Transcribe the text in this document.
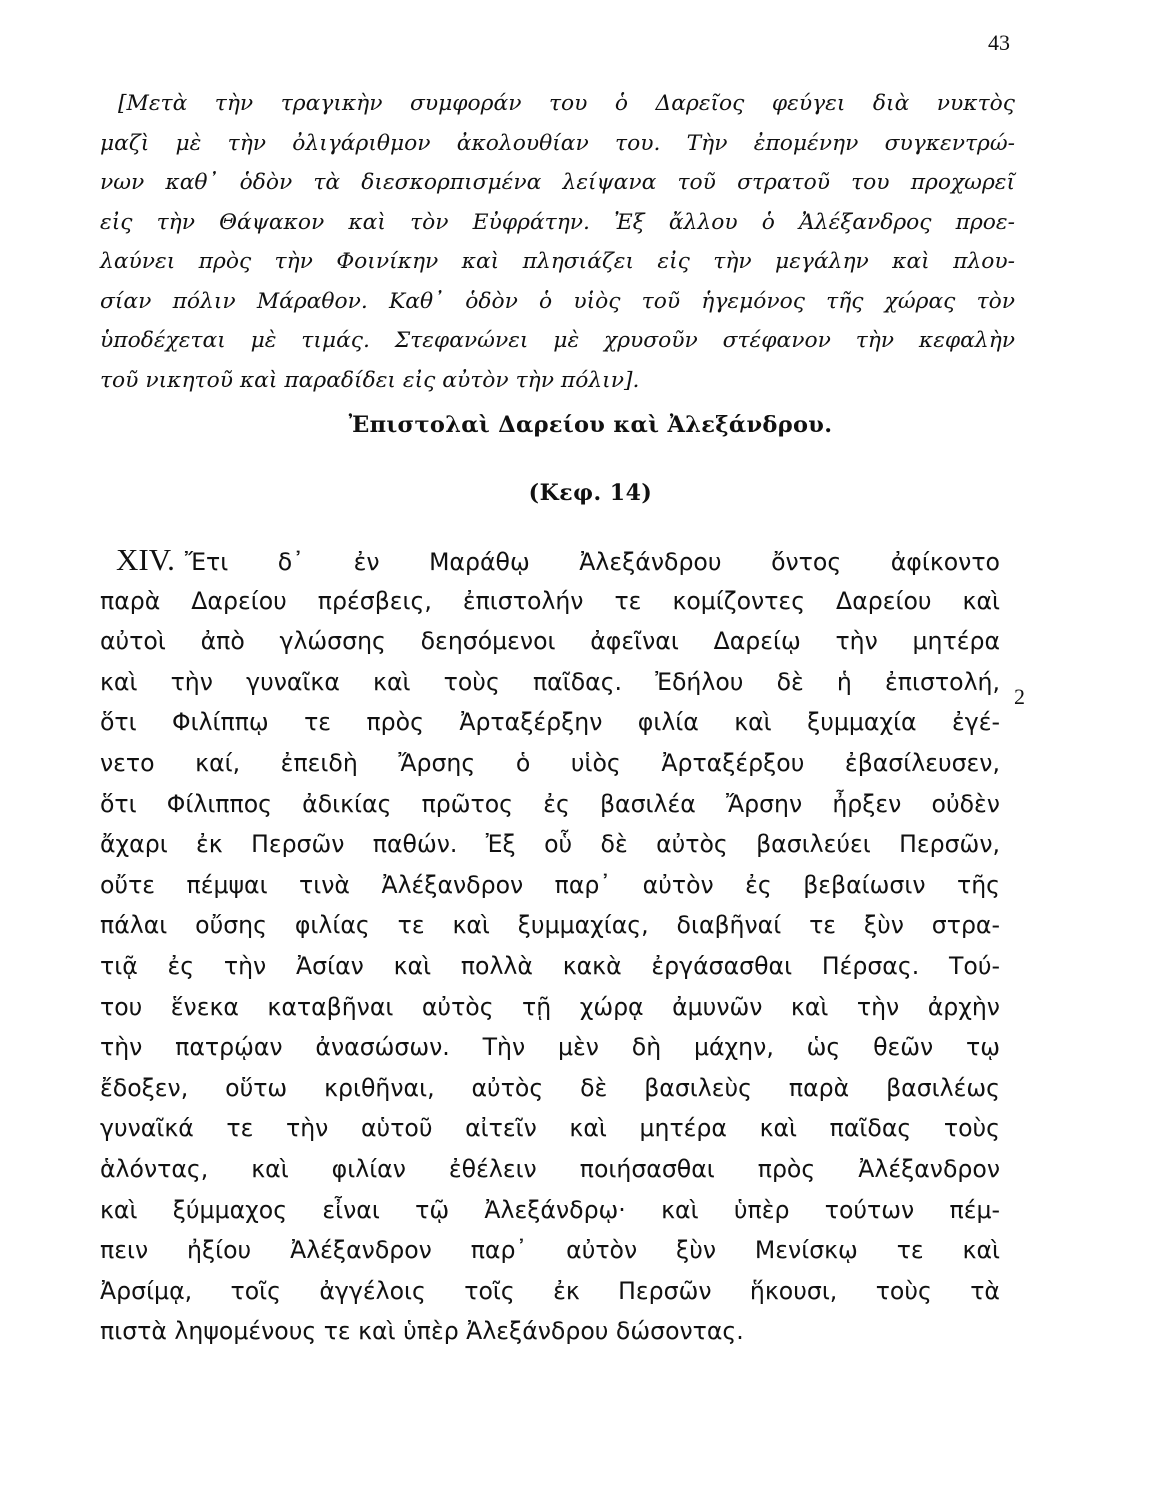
43
[Μετὰ τὴν τραγικὴν συμφοράν του ὁ Δαρεῖος φεύγει διὰ νυκτὸς
μαζὶ μὲ τὴν ὀλιγάριθμον ἀκολουθίαν του. Τὴν ἐπομένην συγκεντρώ-
νων καθ᾽ ὁδὸν τὰ διεσκορπισμένα λείψανα τοῦ στρατοῦ του προχωρεῖ
εἰς τὴν Θάψακον καὶ τὸν Εὐφράτην. Ἐξ ἄλλου ὁ Ἀλέξανδρος προε-
λαύνει πρὸς τὴν Φοινίκην καὶ πλησιάζει εἰς τὴν μεγάλην καὶ πλου-
σίαν πόλιν Μάραθον. Καθ᾽ ὁδὸν ὁ υἱὸς τοῦ ἡγεμόνος τῆς χώρας τὸν
ὑποδέχεται μὲ τιμάς. Στεφανώνει μὲ χρυσοῦν στέφανον τὴν κεφαλὴν
τοῦ νικητοῦ καὶ παραδίδει εἰς αὐτὸν τὴν πόλιν].
Ἐπιστολαὶ Δαρείου καὶ Ἀλεξάνδρου.
(Κεφ. 14)
XIV. Ἔτι δ᾽ ἐν Μαράθῳ Ἀλεξάνδρου ὄντος ἀφίκοντο
παρὰ Δαρείου πρέσβεις, ἐπιστολήν τε κομίζοντες Δαρείου καὶ
αὐτοὶ ἀπὸ γλώσσης δεησόμενοι ἀφεῖναι Δαρείῳ τὴν μητέρα
καὶ τὴν γυναῖκα καὶ τοὺς παῖδας. Ἐδήλου δὲ ἡ ἐπιστολή,
ὅτι Φιλίππῳ τε πρὸς Ἀρταξέρξην φιλία καὶ ξυμμαχία ἐγέ-
νετο καί, ἐπειδὴ Ἄρσης ὁ υἱὸς Ἀρταξέρξου ἐβασίλευσεν,
ὅτι Φίλιππος ἀδικίας πρῶτος ἐς βασιλέα Ἄρσην ἦρξεν οὐδὲν
ἄχαρι ἐκ Περσῶν παθών. Ἐξ οὗ δὲ αὐτὸς βασιλεύει Περσῶν,
οὔτε πέμψαι τινὰ Ἀλέξανδρον παρ᾽ αὐτὸν ἐς βεβαίωσιν τῆς
πάλαι οὔσης φιλίας τε καὶ ξυμμαχίας, διαβῆναί τε ξὺν στρα-
τιᾷ ἐς τὴν Ἀσίαν καὶ πολλὰ κακὰ ἐργάσασθαι Πέρσας. Τού-
του ἕνεκα καταβῆναι αὐτὸς τῇ χώρᾳ ἀμυνῶν καὶ τὴν ἀρχὴν
τὴν πατρῴαν ἀνασώσων. Τὴν μὲν δὴ μάχην, ὡς θεῶν τῳ
ἔδοξεν, οὕτω κριθῆναι, αὐτὸς δὲ βασιλεὺς παρὰ βασιλέως
γυναῖκά τε τὴν αὑτοῦ αἰτεῖν καὶ μητέρα καὶ παῖδας τοὺς
ἁλόντας, καὶ φιλίαν ἐθέλειν ποιήσασθαι πρὸς Ἀλέξανδρον
καὶ ξύμμαχος εἶναι τῷ Ἀλεξάνδρῳ· καὶ ὑπὲρ τούτων πέμ-
πειν ἠξίου Ἀλέξανδρον παρ᾽ αὐτὸν ξὺν Μενίσκῳ τε καὶ
Ἀρσίμᾳ, τοῖς ἀγγέλοις τοῖς ἐκ Περσῶν ἥκουσι, τοὺς τὰ
πιστὰ ληψομένους τε καὶ ὑπὲρ Ἀλεξάνδρου δώσοντας.
2
